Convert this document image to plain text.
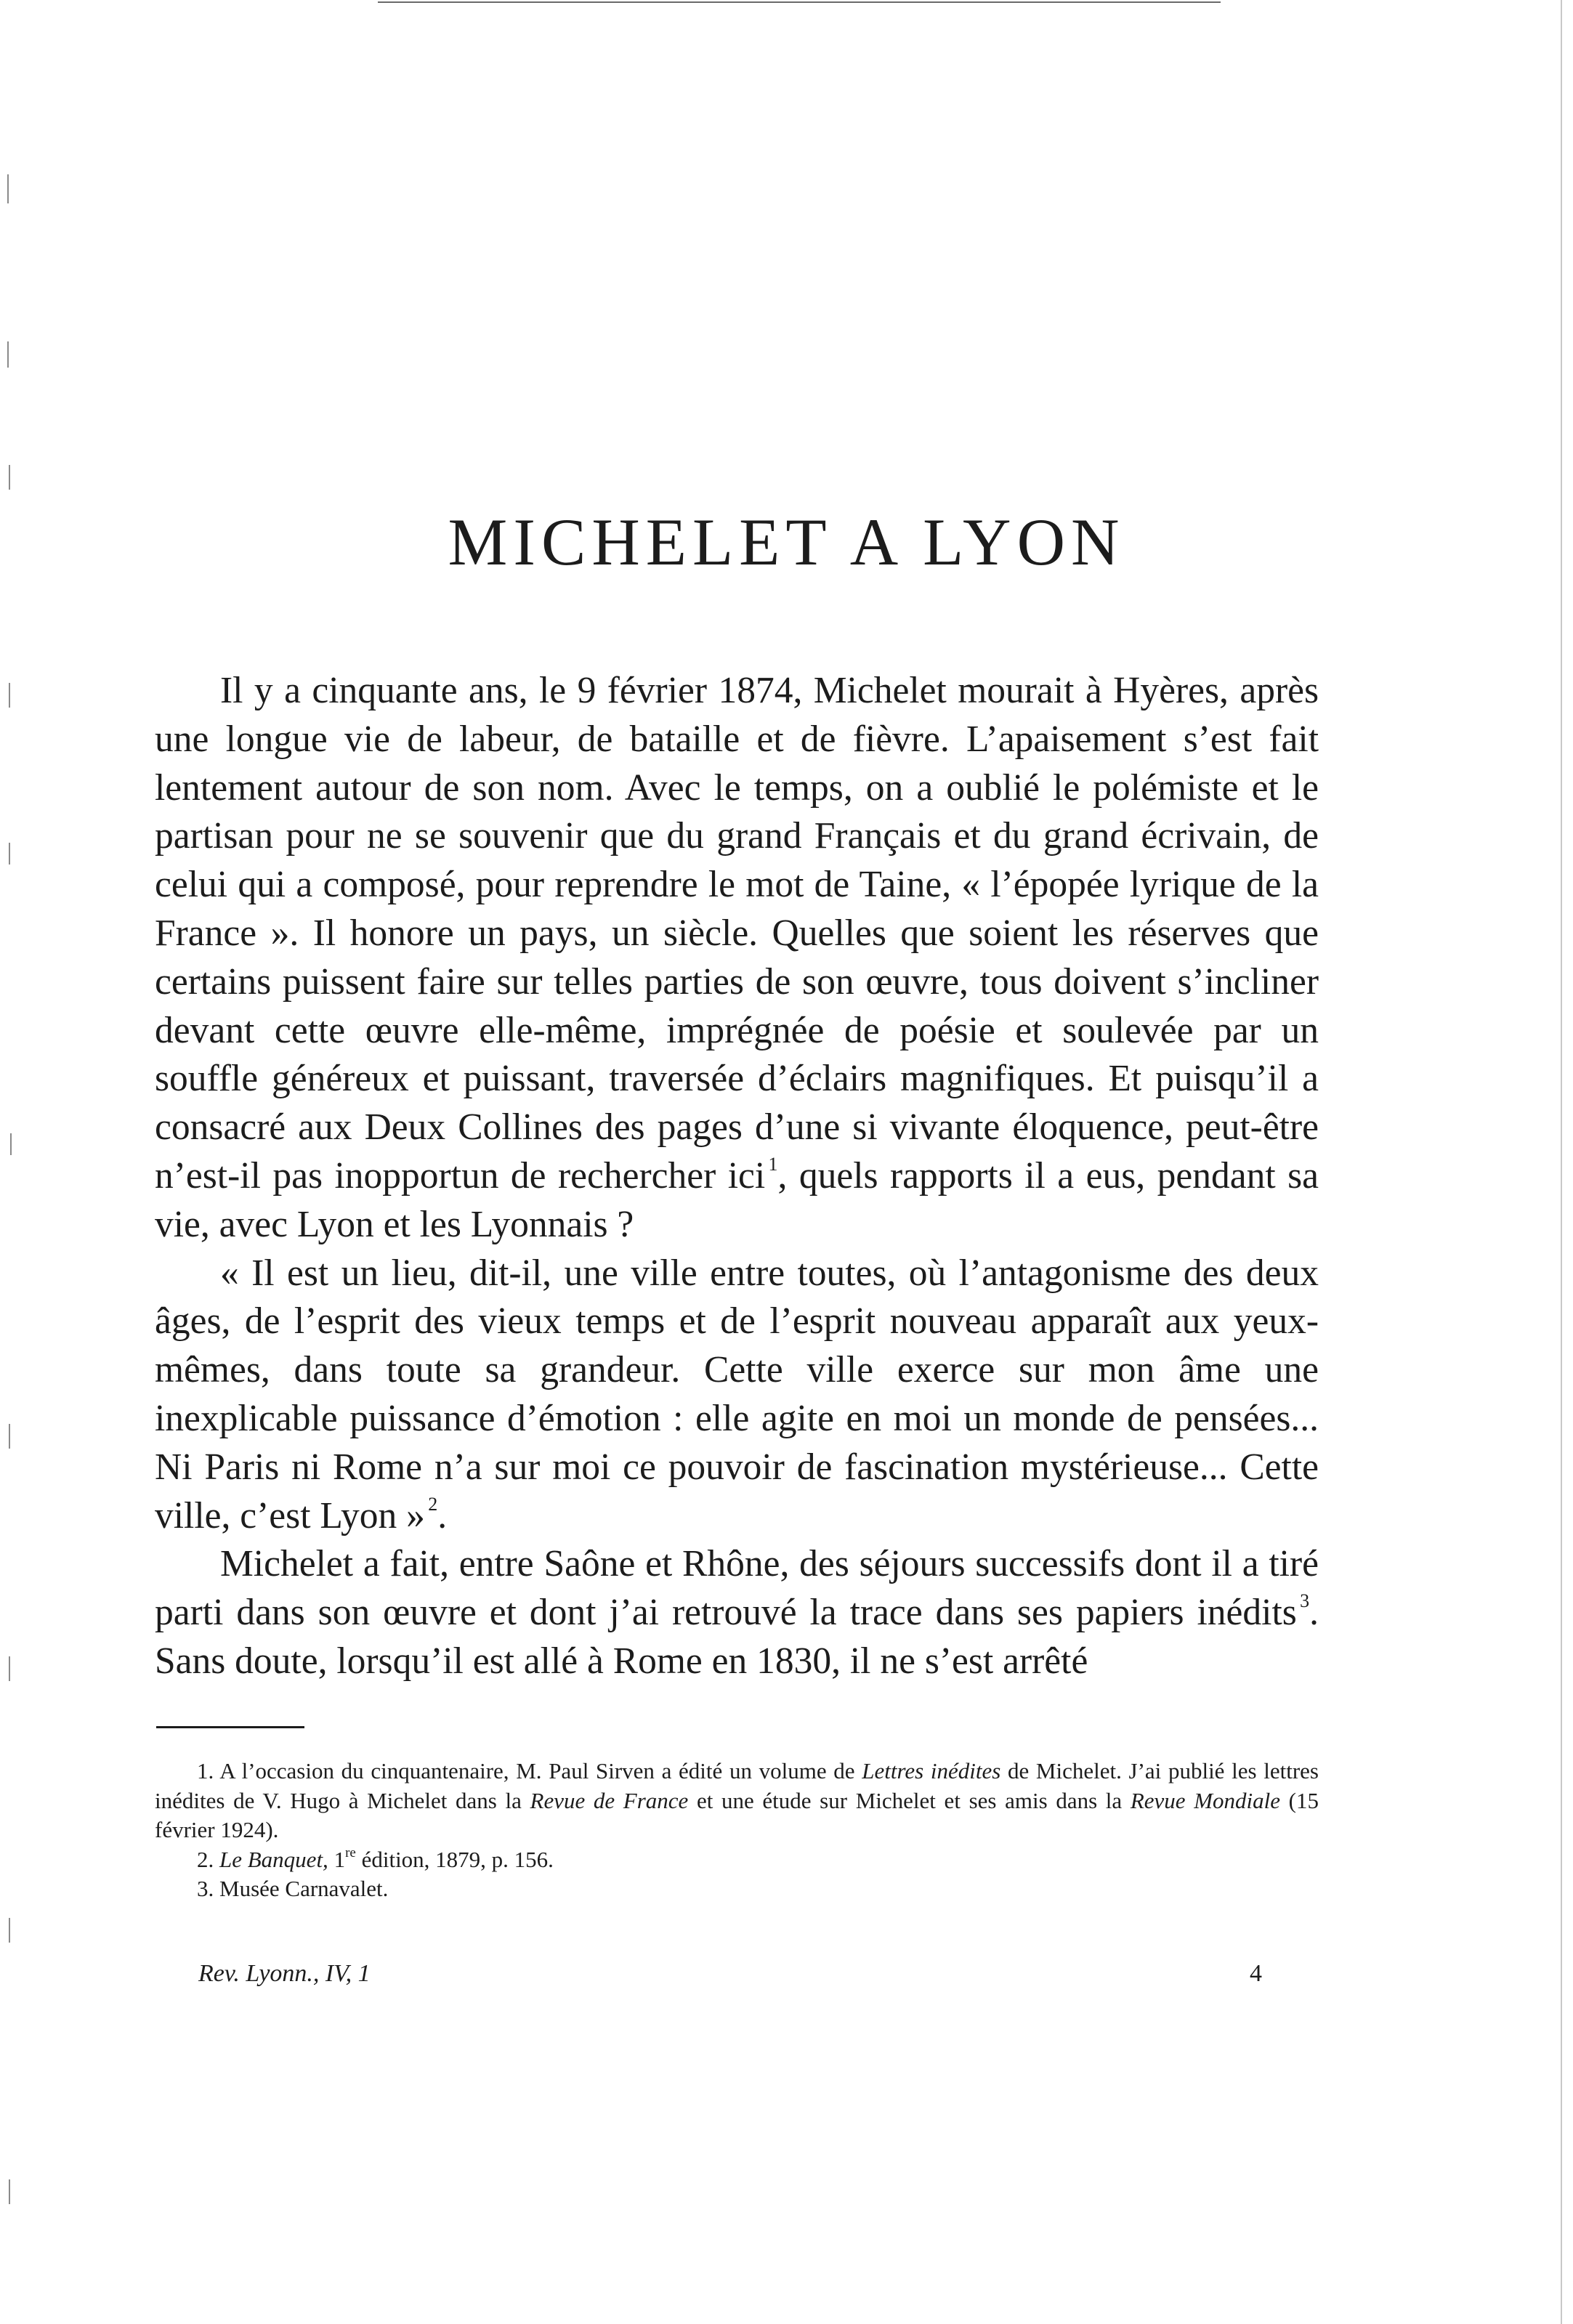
MICHELET A LYON

Il y a cinquante ans, le 9 février 1874, Michelet mourait à Hyères, après une longue vie de labeur, de bataille et de fièvre. L’apaisement s’est fait lentement autour de son nom. Avec le temps, on a oublié le polémiste et le partisan pour ne se souvenir que du grand Français et du grand écrivain, de celui qui a composé, pour reprendre le mot de Taine, « l’épopée lyrique de la France ». Il honore un pays, un siècle. Quelles que soient les réserves que certains puissent faire sur telles parties de son œuvre, tous doivent s’incliner devant cette œuvre elle-même, imprégnée de poésie et soulevée par un souffle généreux et puissant, traversée d’éclairs magnifiques. Et puisqu’il a consacré aux Deux Collines des pages d’une si vivante éloquence, peut-être n’est-il pas inopportun de rechercher ici  $^1$, quels rapports il a eus, pendant sa vie, avec Lyon et les Lyonnais ?

« Il est un lieu, dit-il, une ville entre toutes, où l’antagonisme des deux âges, de l’esprit des vieux temps et de l’esprit nouveau apparaît aux yeux-mêmes, dans toute sa grandeur. Cette ville exerce sur mon âme une inexplicable puissance d’émotion : elle agite en moi un monde de pensées... Ni Paris ni Rome n’a sur moi ce pouvoir de fascination mystérieuse... Cette ville, c’est Lyon »  $^2$.

Michelet a fait, entre Saône et Rhône, des séjours successifs dont il a tiré parti dans son œuvre et dont j’ai retrouvé la trace dans ses papiers inédits  $^3$. Sans doute, lorsqu’il est allé à Rome en 1830, il ne s’est arrêté

1. A l’occasion du cinquantenaire, M. Paul Sirven a édité un volume de Lettres inédites de Michelet. J’ai publié les lettres inédites de V. Hugo à Michelet dans la Revue de France et une étude sur Michelet et ses amis dans la Revue Mondiale (15 février 1924).

2. Le Banquet, 1re édition, 1879, p. 156.

3. Musée Carnavalet.

Rev. Lyonn., IV, 1	4
